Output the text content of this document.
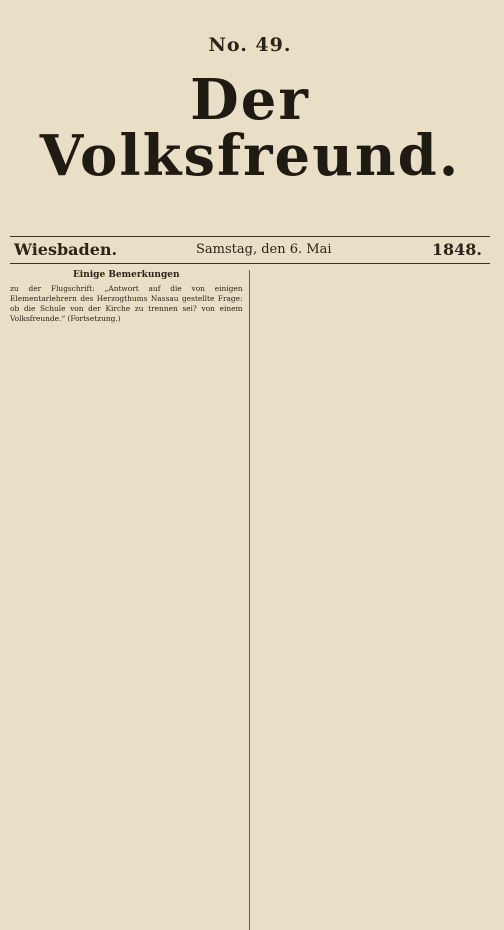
No. 49.
Der Volksfreund.
Wiesbaden.	Samstag, den 6. Mai	1848.
Einige Bemerkungen
zu der Flugschrift: „Antwort auf die von einigen Elementarlehrern des Herzogthums Nassau gestellte Frage: ob die Schule von der Kirche zu trennen sei? von einem Volksfreunde.“ (Fortsetzung.)
